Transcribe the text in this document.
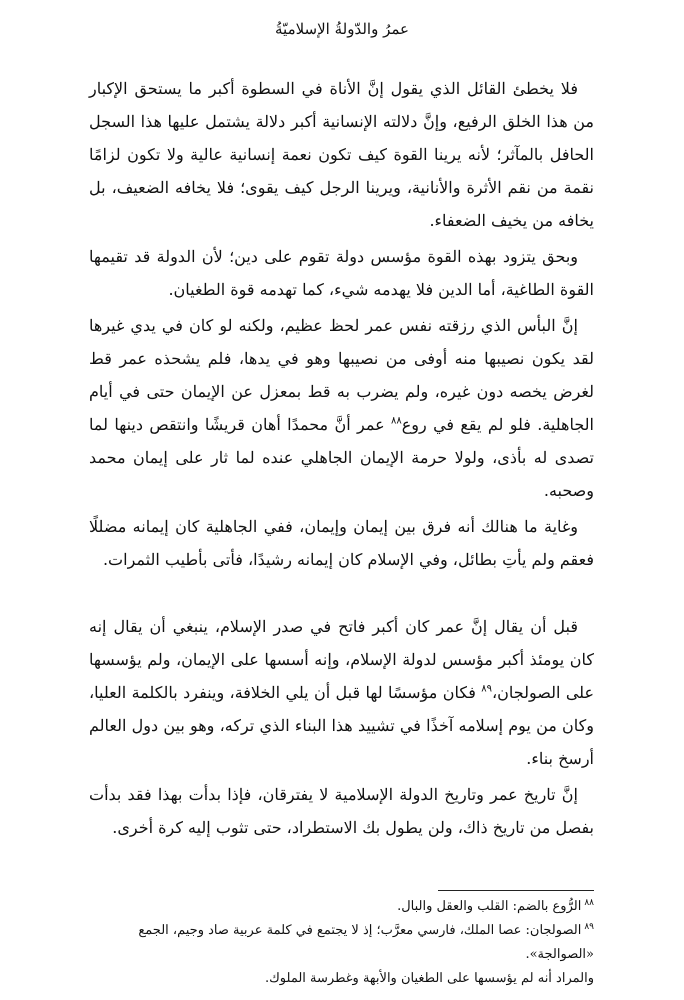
عمرُ والدّولةُ الإسلاميّةُ

فلا يخطئ القائل الذي يقول إنَّ الأناة في السطوة أكبر ما يستحق الإكبار من هذا الخلق الرفيع، وإنَّ دلالته الإنسانية أكبر دلالة يشتمل عليها هذا السجل الحافل بالمآثر؛ لأنه يرينا القوة كيف تكون نعمة إنسانية عالية ولا تكون لزامًا نقمة من نقم الأثرة والأنانية، ويرينا الرجل كيف يقوى؛ فلا يخافه الضعيف، بل يخافه من يخيف الضعفاء.

وبحق يتزود بهذه القوة مؤسس دولة تقوم على دين؛ لأن الدولة قد تقيمها القوة الطاغية، أما الدين فلا يهدمه شيء، كما تهدمه قوة الطغيان.

إنَّ البأس الذي رزقته نفس عمر لحظ عظيم، ولكنه لو كان في يدي غيرها لقد يكون نصيبها منه أوفى من نصيبها وهو في يدها، فلم يشحذه عمر قط لغرض يخصه دون غيره، ولم يضرب به قط بمعزل عن الإيمان حتى في أيام الجاهلية. فلو لم يقع في روع$^{٨٨}$ عمر أنَّ محمدًا أهان قريشًا وانتقص دينها لما تصدى له بأذى، ولولا حرمة الإيمان الجاهلي عنده لما ثار على إيمان محمد وصحبه.

وغاية ما هنالك أنه فرق بين إيمان وإيمان، ففي الجاهلية كان إيمانه مضللًا فعقم ولم يأتِ بطائل، وفي الإسلام كان إيمانه رشيدًا، فأتى بأطيب الثمرات.

قبل أن يقال إنَّ عمر كان أكبر فاتح في صدر الإسلام، ينبغي أن يقال إنه كان يومئذ أكبر مؤسس لدولة الإسلام، وإنه أسسها على الإيمان، ولم يؤسسها على الصولجان،$^{٨٩}$ فكان مؤسسًا لها قبل أن يلي الخلافة، وينفرد بالكلمة العليا، وكان من يوم إسلامه آخذًا في تشييد هذا البناء الذي تركه، وهو بين دول العالم أرسخ بناء.

إنَّ تاريخ عمر وتاريخ الدولة الإسلامية لا يفترقان، فإذا بدأت بهذا فقد بدأت بفصل من تاريخ ذاك، ولن يطول بك الاستطراد، حتى تثوب إليه كرة أخرى.

$^{٨٨}$الرُّوع بالضم: القلب والعقل والبال.

$^{٨٩}$الصولجان: عصا الملك، فارسي معرَّب؛ إذ لا يجتمع في كلمة عربية صاد وجيم، الجمع «الصوالجة».

والمراد أنه لم يؤسسها على الطغيان والأبهة وغطرسة الملوك.
